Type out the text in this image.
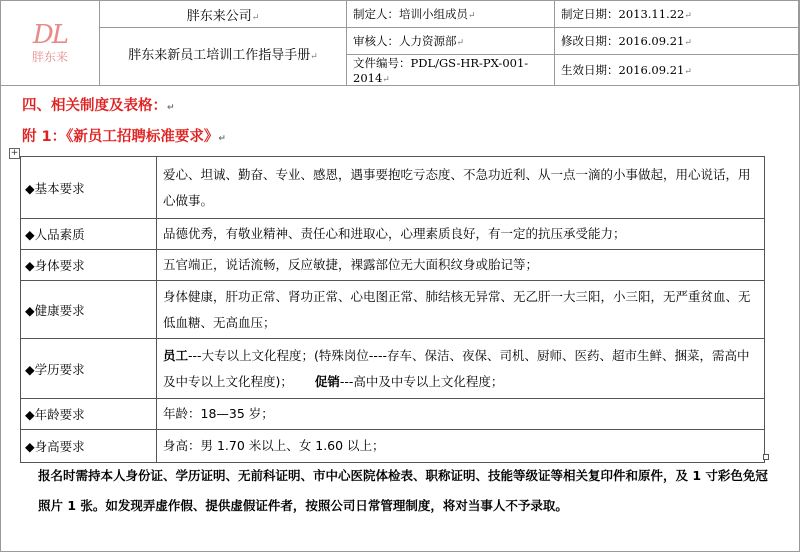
DL
胖东来	胖东来公司↵	制定人：培训小组成员↵	制定日期：2013.11.22↵
	胖东来新员工培训工作指导手册↵	审核人：人力资源部↵	修改日期：2016.09.21↵
		文件编号：PDL/GS-HR-PX-001-2014↵	生效日期：2016.09.21↵
四、相关制度及表格：↵
附 1：《新员工招聘标准要求》↵
+
◆基本要求	爱心、坦诚、勤奋、专业、感恩，遇事要抱吃亏态度、不急功近利、从一点一滴的小事做起，用心说话，用心做事。
◆人品素质	品德优秀，有敬业精神、责任心和进取心，心理素质良好，有一定的抗压承受能力；
◆身体要求	五官端正，说话流畅，反应敏捷，裸露部位无大面积纹身或胎记等；
◆健康要求	身体健康，肝功正常、肾功正常、心电图正常、肺结核无异常、无乙肝一大三阳，小三阳，无严重贫血、无低血糖、无高血压；
◆学历要求	员工---大专以上文化程度；(特殊岗位----存车、保洁、夜保、司机、厨师、医药、超市生鲜、捆菜，需高中及中专以上文化程度)； 促销---高中及中专以上文化程度；
◆年龄要求	年龄：18—35 岁；
◆身高要求	身高：男 1.70 米以上、女 1.60 以上；
报名时需持本人身份证、学历证明、无前科证明、市中心医院体检表、职称证明、技能等级证等相关复印件和原件，及 1 寸彩色免冠照片 1 张。如发现弄虚作假、提供虚假证件者，按照公司日常管理制度，将对当事人不予录取。
